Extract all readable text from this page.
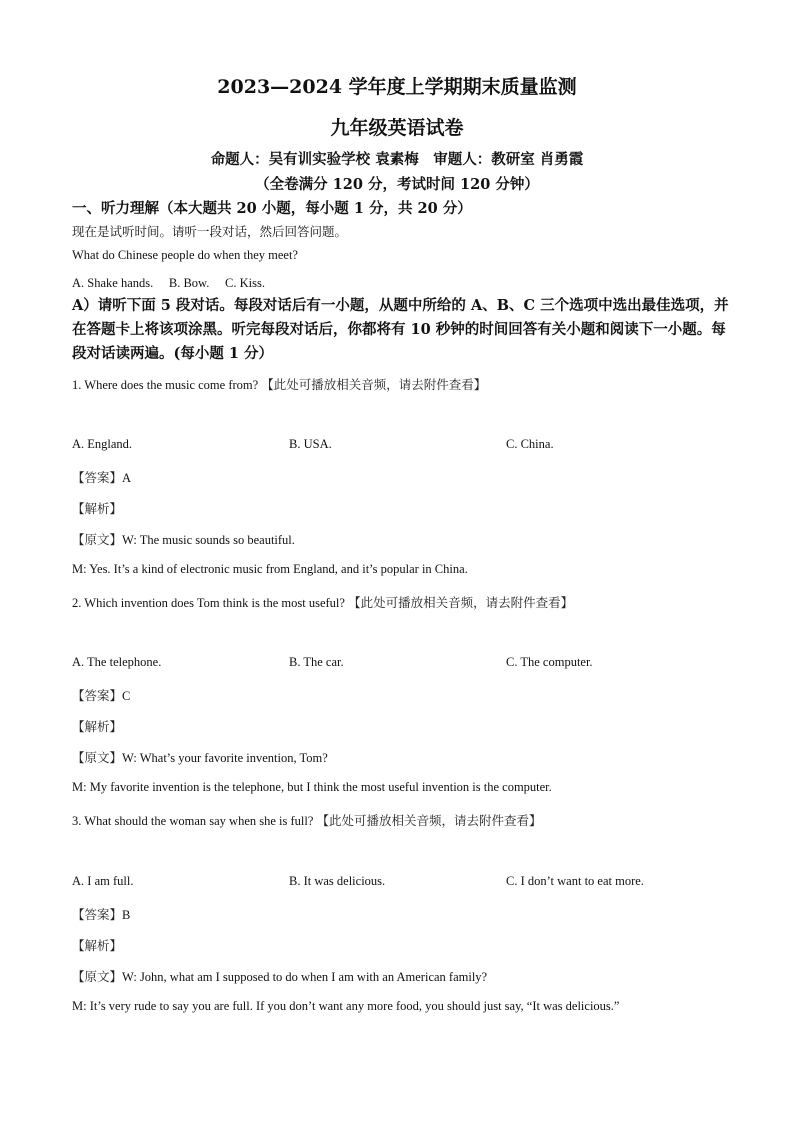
2023—2024 学年度上学期期末质量监测
九年级英语试卷
命题人：吴有训实验学校 袁素梅　审题人：教研室 肖勇霞
（全卷满分 120 分，考试时间 120 分钟）
一、听力理解（本大题共 20 小题，每小题 1 分，共 20 分）
现在是试听时间。请听一段对话，然后回答问题。
What do Chinese people do when they meet?
A. Shake hands.　 B. Bow.　 C. Kiss.
A）请听下面 5 段对话。每段对话后有一小题，从题中所给的 A、B、C 三个选项中选出最佳选项，并在答题卡上将该项涂黑。听完每段对话后，你都将有 10 秒钟的时间回答有关小题和阅读下一小题。每段对话读两遍。(每小题 1 分）
1. Where does the music come from? 【此处可播放相关音频，请去附件查看】
A. England.	B. USA.	C. China.
【答案】A
【解析】
【原文】W: The music sounds so beautiful.
M: Yes. It’s a kind of electronic music from England, and it’s popular in China.
2. Which invention does Tom think is the most useful? 【此处可播放相关音频，请去附件查看】
A. The telephone.	B. The car.	C. The computer.
【答案】C
【解析】
【原文】W: What’s your favorite invention, Tom?
M: My favorite invention is the telephone, but I think the most useful invention is the computer.
3. What should the woman say when she is full? 【此处可播放相关音频，请去附件查看】
A. I am full.	B. It was delicious.	C. I don’t want to eat more.
【答案】B
【解析】
【原文】W: John, what am I supposed to do when I am with an American family?
M: It’s very rude to say you are full. If you don’t want any more food, you should just say, “It was delicious.”
